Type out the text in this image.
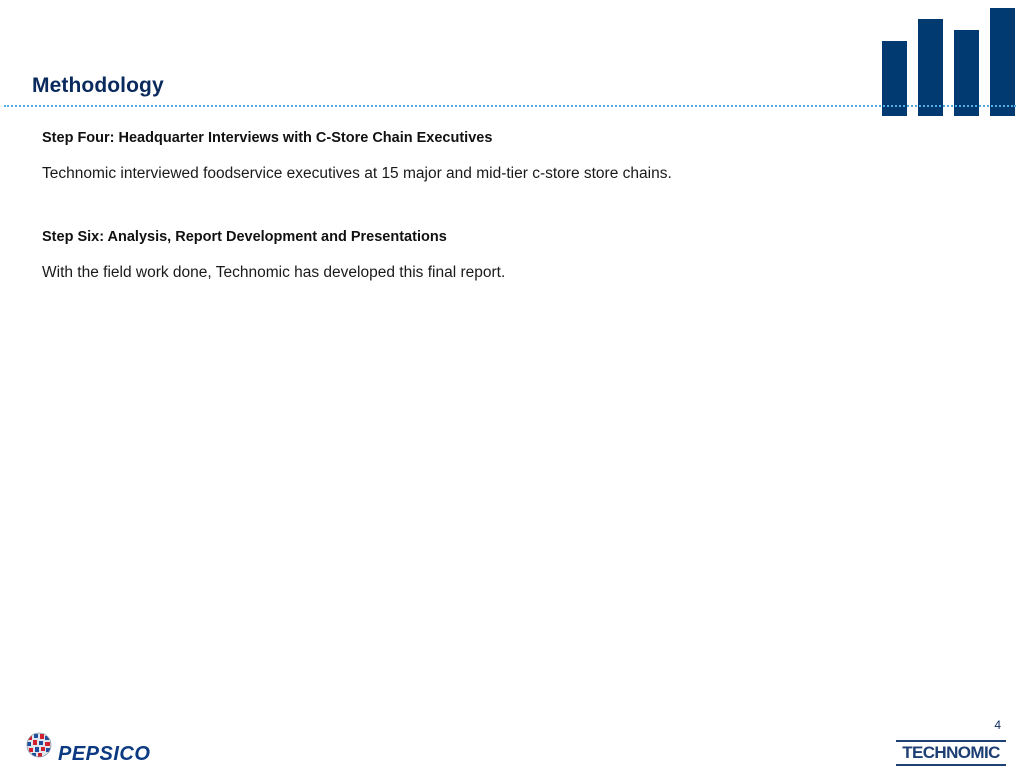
Methodology

Step Four: Headquarter Interviews with C-Store Chain Executives

Technomic interviewed foodservice executives at 15 major and mid-tier c-store store chains.

Step Six: Analysis, Report Development and Presentations

With the field work done, Technomic has developed this final report.

4
PEPSICO	TECHNOMIC
